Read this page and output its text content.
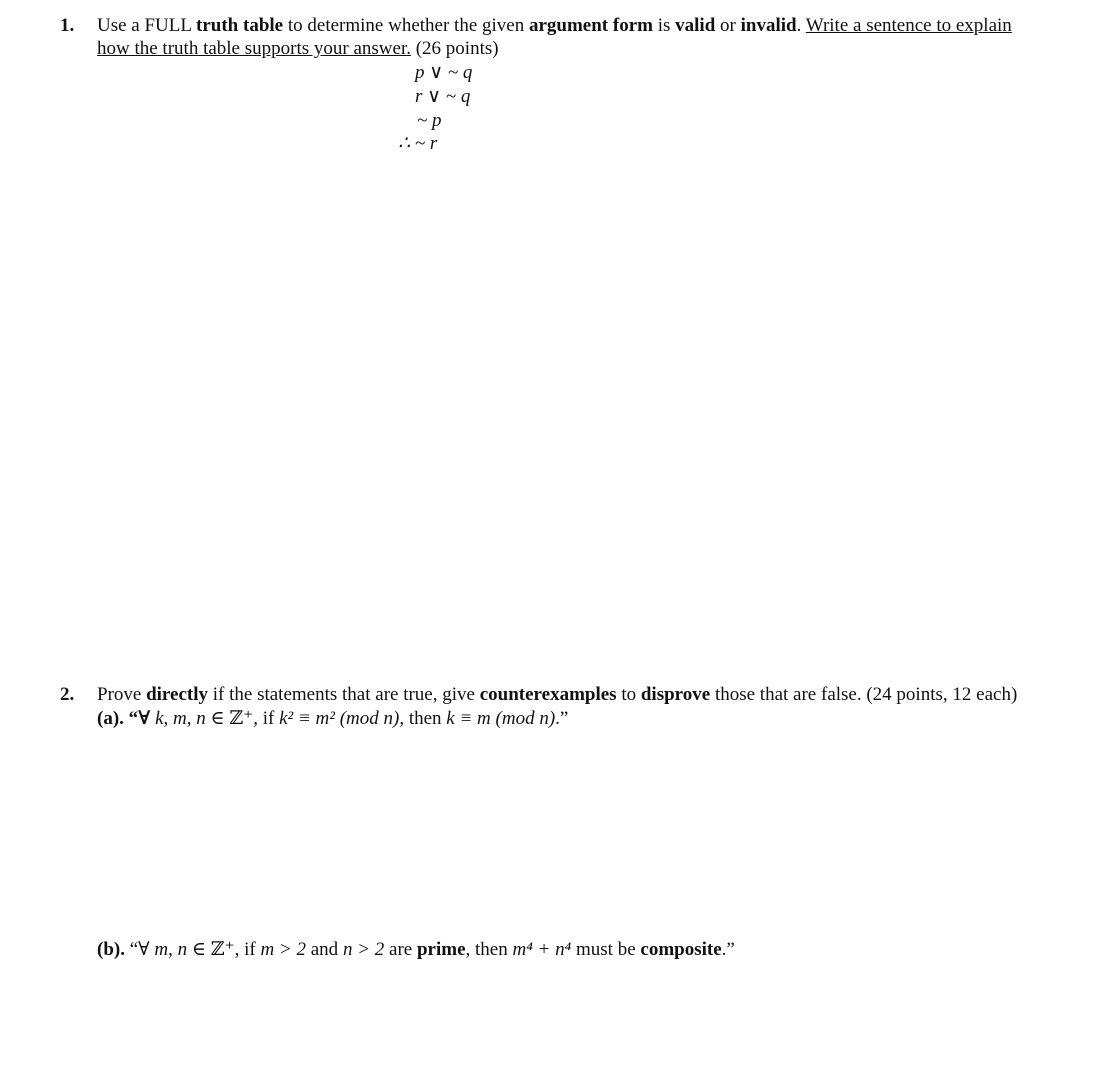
1. Use a FULL truth table to determine whether the given argument form is valid or invalid. Write a sentence to explain
how the truth table supports your answer. (26 points)
p ∨ ~ q
r ∨ ~ q
~ p
∴ ~ r
2. Prove directly if the statements that are true, give counterexamples to disprove those that are false. (24 points, 12 each)
(a). “∀ k, m, n ∈ ℤ⁺, if k² ≡ m² (mod n), then k ≡ m (mod n).”
(b). “∀ m, n ∈ ℤ⁺, if m > 2 and n > 2 are prime, then m⁴ + n⁴ must be composite.”
